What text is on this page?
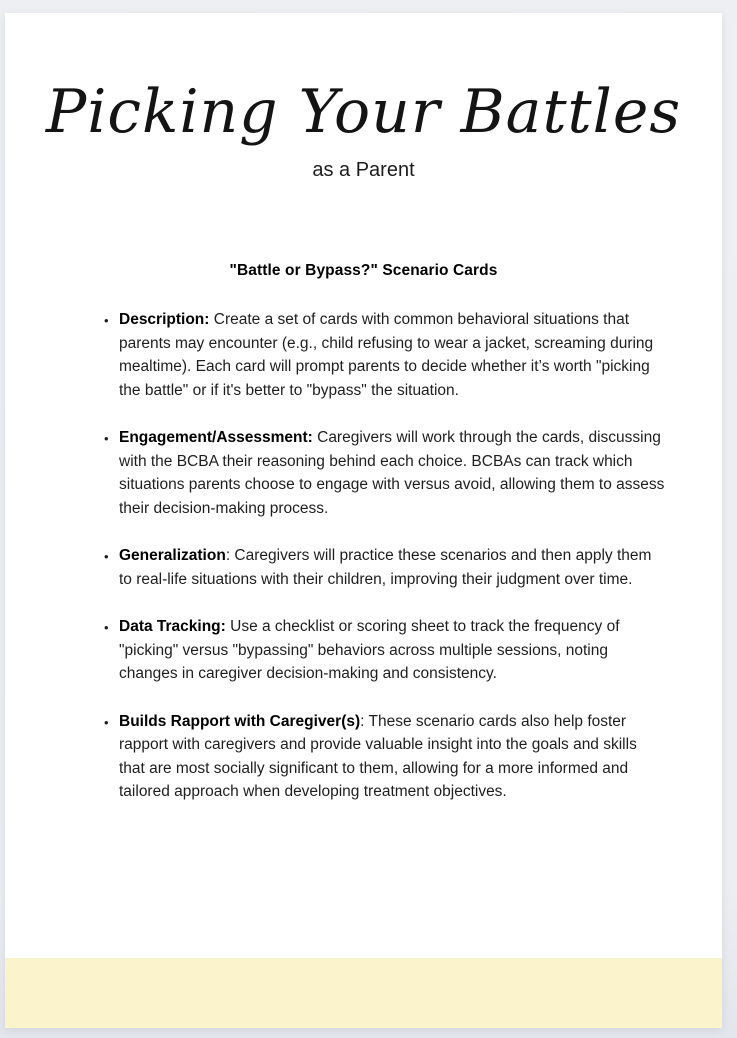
Picking Your Battles
as a Parent
"Battle or Bypass?" Scenario Cards
• Description: Create a set of cards with common behavioral situations that parents may encounter (e.g., child refusing to wear a jacket, screaming during mealtime). Each card will prompt parents to decide whether it’s worth "picking the battle" or if it's better to "bypass" the situation.
• Engagement/Assessment: Caregivers will work through the cards, discussing with the BCBA their reasoning behind each choice. BCBAs can track which situations parents choose to engage with versus avoid, allowing them to assess their decision-making process.
• Generalization: Caregivers will practice these scenarios and then apply them to real-life situations with their children, improving their judgment over time.
• Data Tracking: Use a checklist or scoring sheet to track the frequency of "picking" versus "bypassing" behaviors across multiple sessions, noting changes in caregiver decision-making and consistency.
• Builds Rapport with Caregiver(s): These scenario cards also help foster rapport with caregivers and provide valuable insight into the goals and skills that are most socially significant to them, allowing for a more informed and tailored approach when developing treatment objectives.
